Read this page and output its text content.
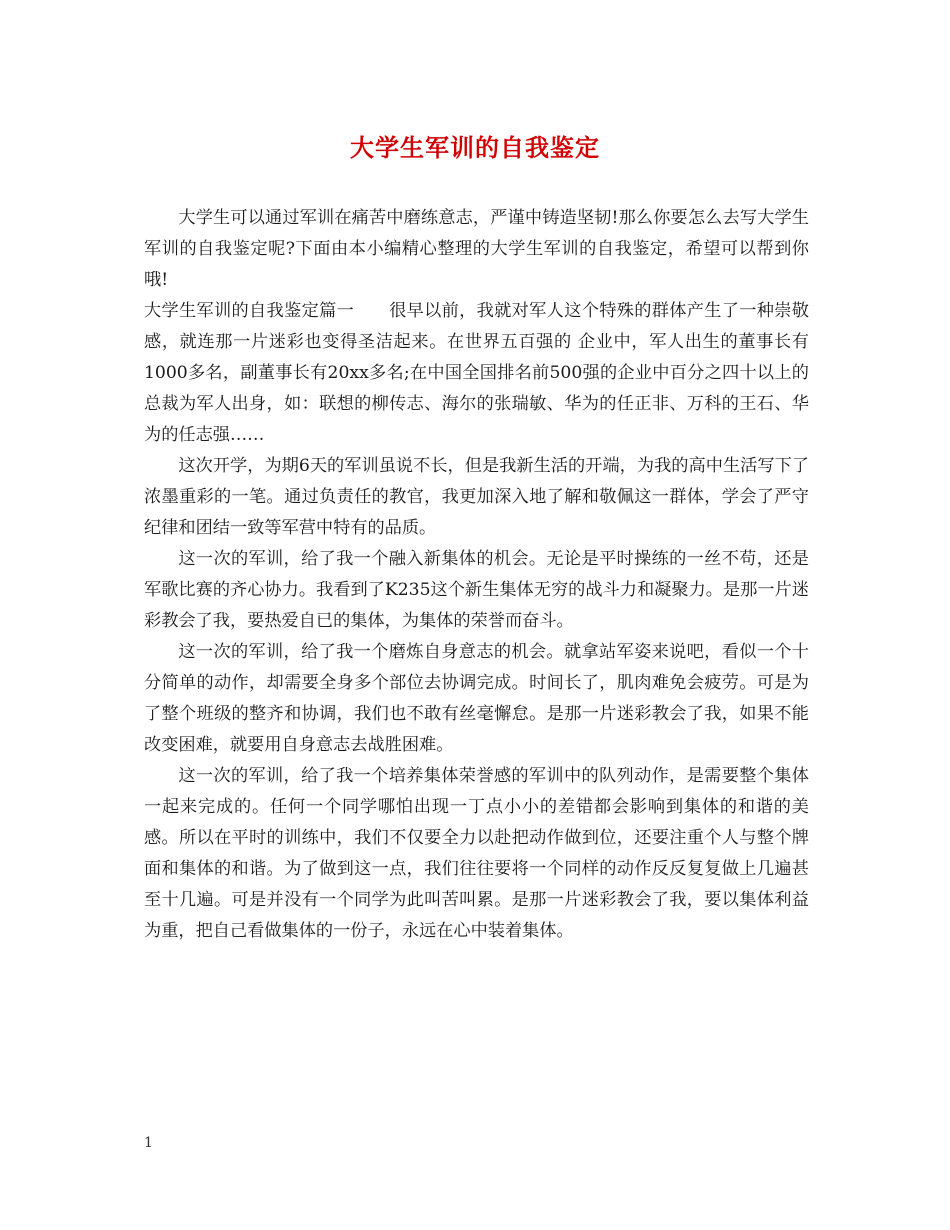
大学生军训的自我鉴定

大学生可以通过军训在痛苦中磨练意志，严谨中铸造坚韧!那么你要怎么去写大学生军训的自我鉴定呢?下面由本小编精心整理的大学生军训的自我鉴定，希望可以帮到你哦!

大学生军训的自我鉴定篇一　　很早以前，我就对军人这个特殊的群体产生了一种崇敬感，就连那一片迷彩也变得圣洁起来。在世界五百强的 企业中，军人出生的董事长有1000多名，副董事长有20xx多名;在中国全国排名前500强的企业中百分之四十以上的总裁为军人出身，如：联想的柳传志、海尔的张瑞敏、华为的任正非、万科的王石、华为的任志强……

这次开学，为期6天的军训虽说不长，但是我新生活的开端，为我的高中生活写下了浓墨重彩的一笔。通过负责任的教官，我更加深入地了解和敬佩这一群体，学会了严守纪律和团结一致等军营中特有的品质。

这一次的军训，给了我一个融入新集体的机会。无论是平时操练的一丝不苟，还是军歌比赛的齐心协力。我看到了K235这个新生集体无穷的战斗力和凝聚力。是那一片迷彩教会了我，要热爱自已的集体，为集体的荣誉而奋斗。

这一次的军训，给了我一个磨炼自身意志的机会。就拿站军姿来说吧，看似一个十分简单的动作，却需要全身多个部位去协调完成。时间长了，肌肉难免会疲劳。可是为了整个班级的整齐和协调，我们也不敢有丝毫懈怠。是那一片迷彩教会了我，如果不能改变困难，就要用自身意志去战胜困难。

这一次的军训，给了我一个培养集体荣誉感的军训中的队列动作，是需要整个集体一起来完成的。任何一个同学哪怕出现一丁点小小的差错都会影响到集体的和谐的美感。所以在平时的训练中，我们不仅要全力以赴把动作做到位，还要注重个人与整个牌面和集体的和谐。为了做到这一点，我们往往要将一个同样的动作反反复复做上几遍甚至十几遍。可是并没有一个同学为此叫苦叫累。是那一片迷彩教会了我，要以集体利益为重，把自己看做集体的一份子，永远在心中装着集体。

1
